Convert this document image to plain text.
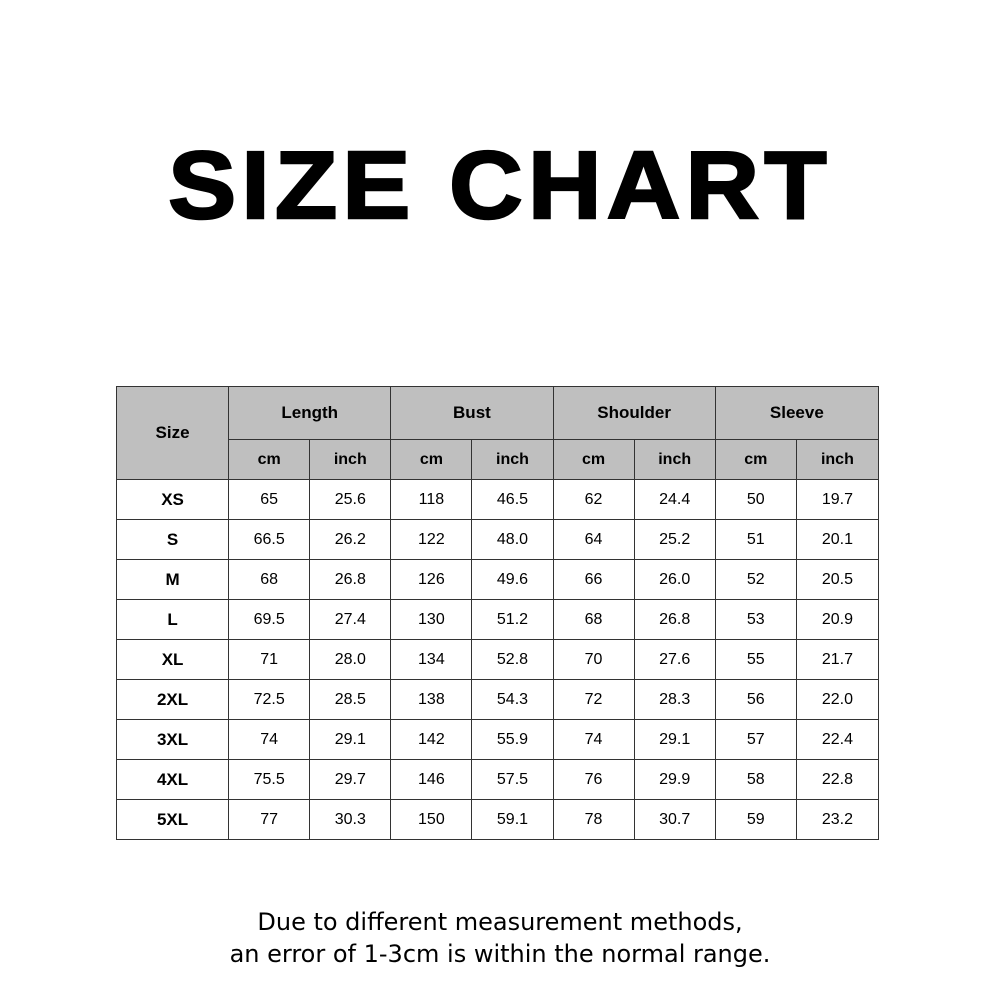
SIZE CHART
Size	Length		Bust		Shoulder		Sleeve	
	cm	inch	cm	inch	cm	inch	cm	inch
XS	65	25.6	118	46.5	62	24.4	50	19.7
S	66.5	26.2	122	48.0	64	25.2	51	20.1
M	68	26.8	126	49.6	66	26.0	52	20.5
L	69.5	27.4	130	51.2	68	26.8	53	20.9
XL	71	28.0	134	52.8	70	27.6	55	21.7
2XL	72.5	28.5	138	54.3	72	28.3	56	22.0
3XL	74	29.1	142	55.9	74	29.1	57	22.4
4XL	75.5	29.7	146	57.5	76	29.9	58	22.8
5XL	77	30.3	150	59.1	78	30.7	59	23.2
Due to different measurement methods,
an error of 1-3cm is within the normal range.
